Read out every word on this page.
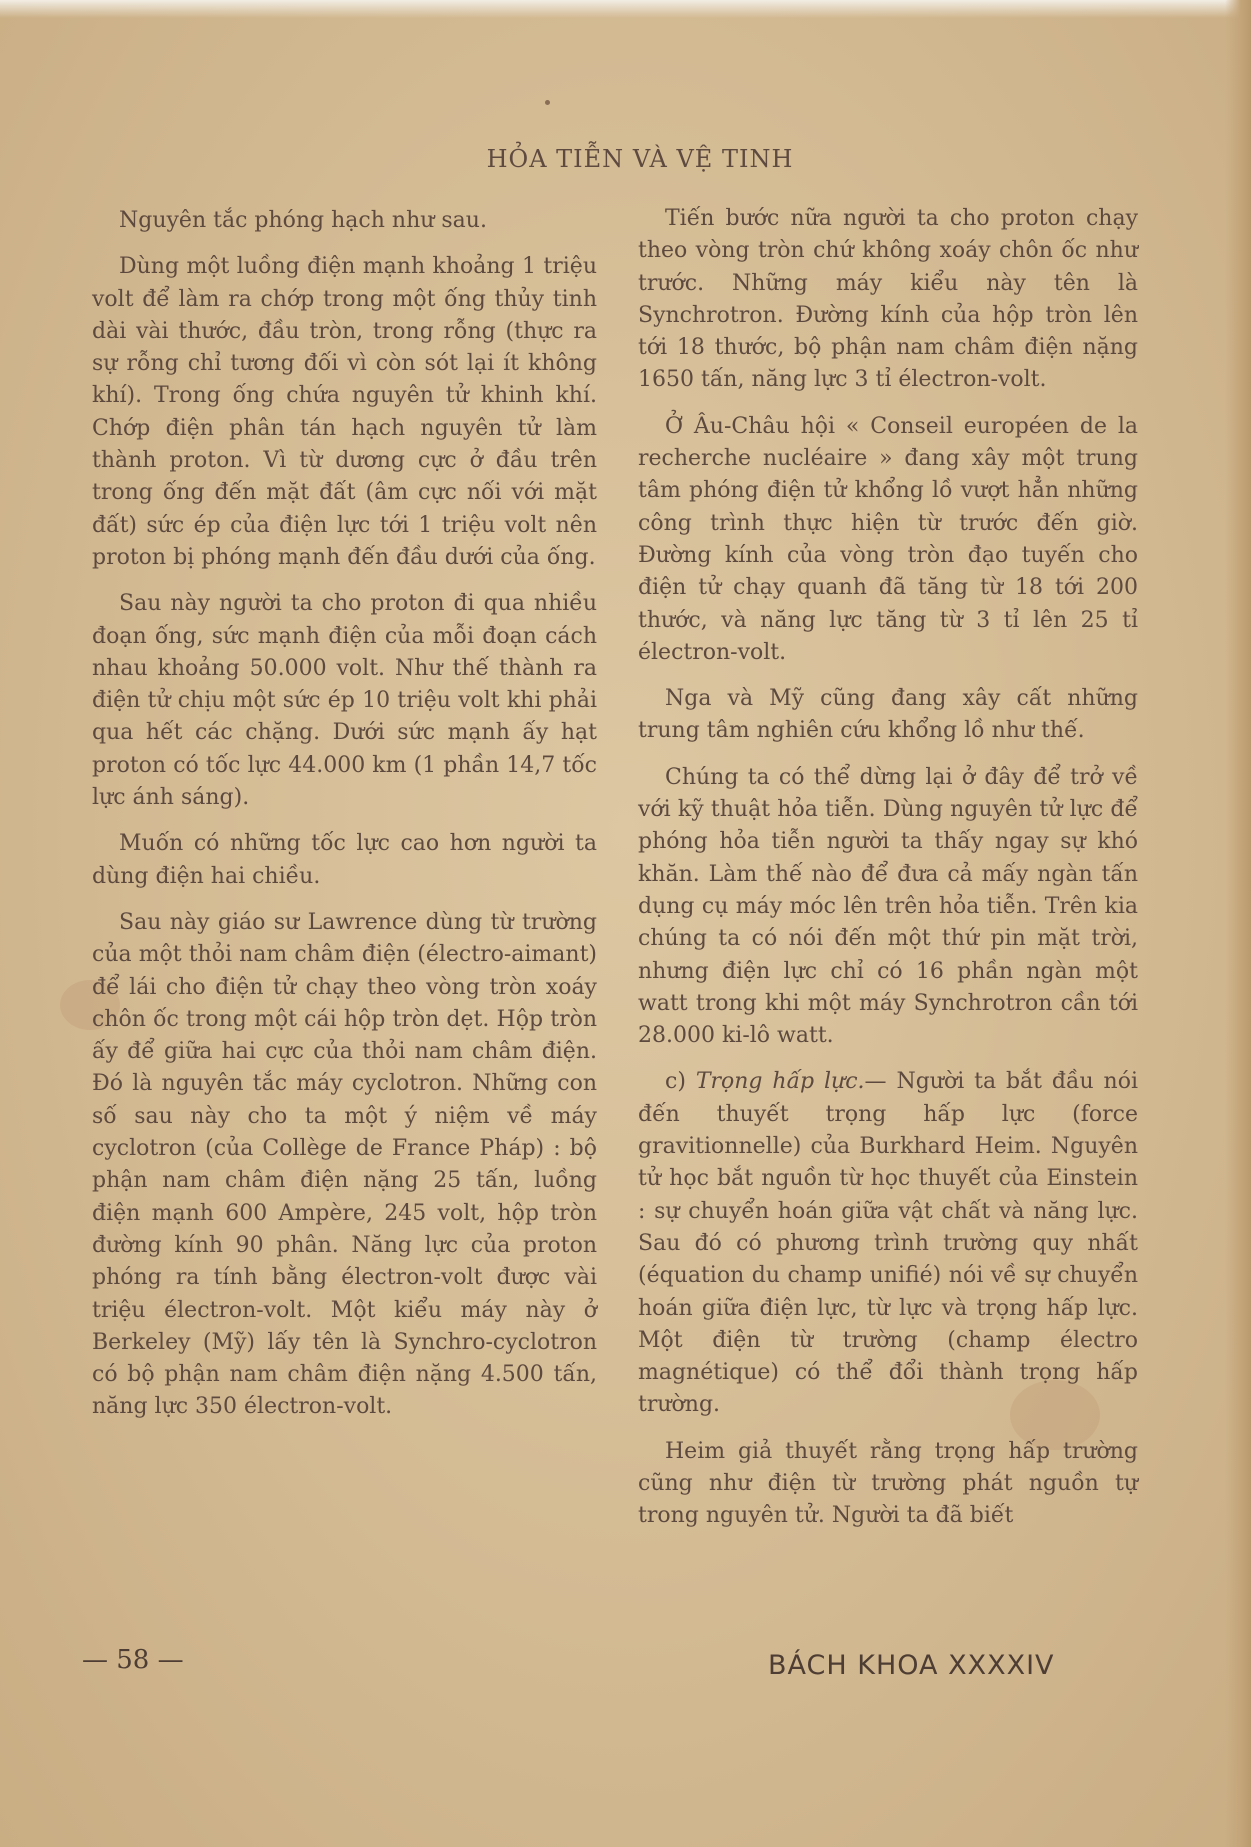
HỎA TIỄN VÀ VỆ TINH

Nguyên tắc phóng hạch như sau.

Dùng một luồng điện mạnh khoảng 1 triệu volt để làm ra chớp trong một ống thủy tinh dài vài thước, đầu tròn, trong rỗng (thực ra sự rỗng chỉ tương đối vì còn sót lại ít không khí). Trong ống chứa nguyên tử khinh khí. Chớp điện phân tán hạch nguyên tử làm thành proton. Vì từ dương cực ở đầu trên trong ống đến mặt đất (âm cực nối với mặt đất) sức ép của điện lực tới 1 triệu volt nên proton bị phóng mạnh đến đầu dưới của ống.

Sau này người ta cho proton đi qua nhiều đoạn ống, sức mạnh điện của mỗi đoạn cách nhau khoảng 50.000 volt. Như thế thành ra điện tử chịu một sức ép 10 triệu volt khi phải qua hết các chặng. Dưới sức mạnh ấy hạt proton có tốc lực 44.000 km (1 phần 14,7 tốc lực ánh sáng).

Muốn có những tốc lực cao hơn người ta dùng điện hai chiều.

Sau này giáo sư Lawrence dùng từ trường của một thỏi nam châm điện (électro-aimant) để lái cho điện tử chạy theo vòng tròn xoáy chôn ốc trong một cái hộp tròn dẹt. Hộp tròn ấy để giữa hai cực của thỏi nam châm điện. Đó là nguyên tắc máy cyclotron. Những con số sau này cho ta một ý niệm về máy cyclotron (của Collège de France Pháp) : bộ phận nam châm điện nặng 25 tấn, luồng điện mạnh 600 Ampère, 245 volt, hộp tròn đường kính 90 phân. Năng lực của proton phóng ra tính bằng électron-volt được vài triệu électron-volt. Một kiểu máy này ở Berkeley (Mỹ) lấy tên là Synchro-cyclotron có bộ phận nam châm điện nặng 4.500 tấn, năng lực 350 électron-volt.

Tiến bước nữa người ta cho proton chạy theo vòng tròn chứ không xoáy chôn ốc như trước. Những máy kiểu này tên là Synchrotron. Đường kính của hộp tròn lên tới 18 thước, bộ phận nam châm điện nặng 1650 tấn, năng lực 3 tỉ électron-volt.

Ở Âu-Châu hội « Conseil européen de la recherche nucléaire » đang xây một trung tâm phóng điện tử khổng lồ vượt hẳn những công trình thực hiện từ trước đến giờ. Đường kính của vòng tròn đạo tuyến cho điện tử chạy quanh đã tăng từ 18 tới 200 thước, và năng lực tăng từ 3 tỉ lên 25 tỉ électron-volt.

Nga và Mỹ cũng đang xây cất những trung tâm nghiên cứu khổng lồ như thế.

Chúng ta có thể dừng lại ở đây để trở về với kỹ thuật hỏa tiễn. Dùng nguyên tử lực để phóng hỏa tiễn người ta thấy ngay sự khó khăn. Làm thế nào để đưa cả mấy ngàn tấn dụng cụ máy móc lên trên hỏa tiễn. Trên kia chúng ta có nói đến một thứ pin mặt trời, nhưng điện lực chỉ có 16 phần ngàn một watt trong khi một máy Synchrotron cần tới 28.000 ki-lô watt.

c) Trọng hấp lực.— Người ta bắt đầu nói đến thuyết trọng hấp lực (force gravitionnelle) của Burkhard Heim. Nguyên tử học bắt nguồn từ học thuyết của Einstein : sự chuyển hoán giữa vật chất và năng lực. Sau đó có phương trình trường quy nhất (équation du champ unifié) nói về sự chuyển hoán giữa điện lực, từ lực và trọng hấp lực. Một điện từ trường (champ électro magnétique) có thể đổi thành trọng hấp trường.

Heim giả thuyết rằng trọng hấp trường cũng như điện từ trường phát nguồn tự trong nguyên tử. Người ta đã biết

— 58 —	BÁCH KHOA XXXXIV
